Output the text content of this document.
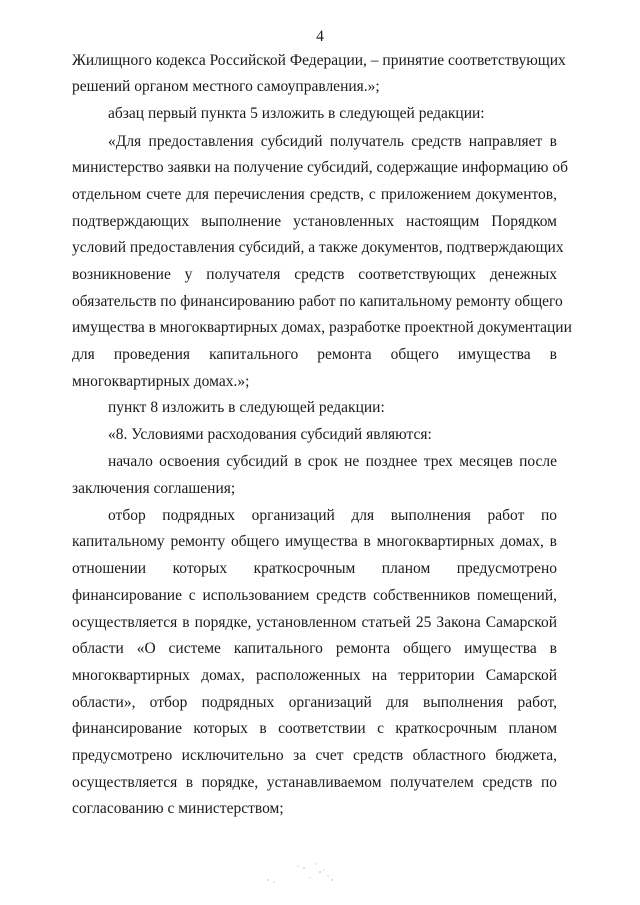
4
Жилищного кодекса Российской Федерации, – принятие соответствующих
решений органом местного самоуправления.»;
абзац первый пункта 5 изложить в следующей редакции:
«Для предоставления субсидий получатель средств направляет в
министерство заявки на получение субсидий, содержащие информацию об
отдельном счете для перечисления средств, с приложением документов,
подтверждающих выполнение установленных настоящим Порядком
условий предоставления субсидий, а также документов, подтверждающих
возникновение у получателя средств соответствующих денежных
обязательств по финансированию работ по капитальному ремонту общего
имущества в многоквартирных домах, разработке проектной документации
для проведения капитального ремонта общего имущества в
многоквартирных домах.»;
пункт 8 изложить в следующей редакции:
«8. Условиями расходования субсидий являются:
начало освоения субсидий в срок не позднее трех месяцев после
заключения соглашения;
отбор подрядных организаций для выполнения работ по
капитальному ремонту общего имущества в многоквартирных домах, в
отношении которых краткосрочным планом предусмотрено
финансирование с использованием средств собственников помещений,
осуществляется в порядке, установленном статьей 25 Закона Самарской
области «О системе капитального ремонта общего имущества в
многоквартирных домах, расположенных на территории Самарской
области», отбор подрядных организаций для выполнения работ,
финансирование которых в соответствии с краткосрочным планом
предусмотрено исключительно за счет средств областного бюджета,
осуществляется в порядке, устанавливаемом получателем средств по
согласованию с министерством;
